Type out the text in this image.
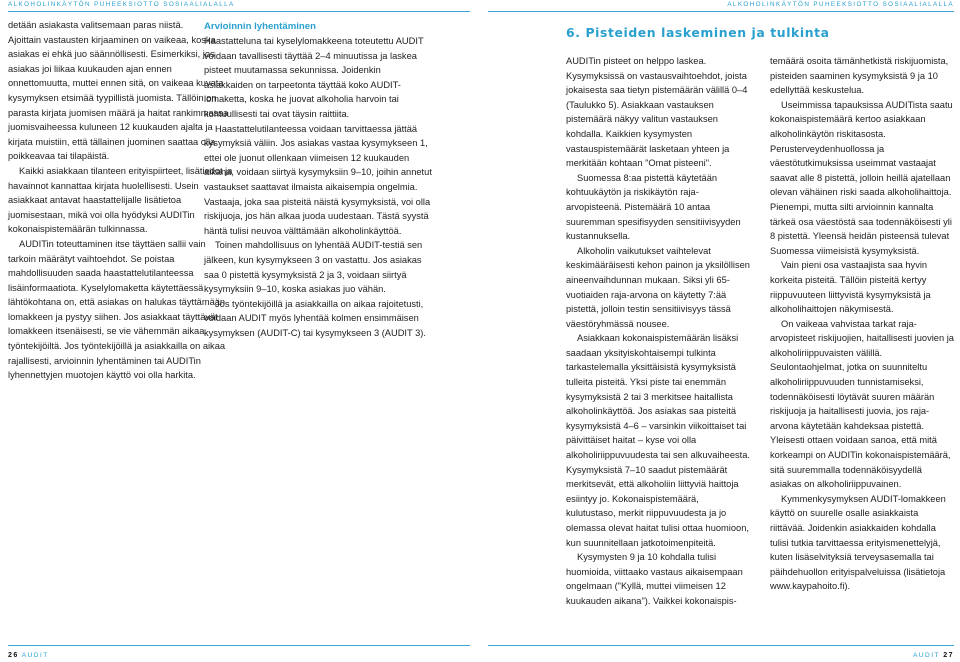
ALKOHOLINKÄYTÖN PUHEEKSIOTTO SOSIAALIALALLA

detään asiakasta valitsemaan paras niistä.

Ajoittain vastausten kirjaaminen on vaikeaa, koska asiakas ei ehkä juo säännöllisesti. Esimerkiksi, jos asiakas joi liikaa kuukauden ajan ennen onnettomuutta, muttei ennen sitä, on vaikeaa kuvata kysymyksen etsimää tyypillistä juomista. Tällöin on parasta kirjata juomisen määrä ja haitat rankimmassa juomisvaiheessa kuluneen 12 kuukauden ajalta ja kirjata muistiin, että tällainen juominen saattaa olla poikkeavaa tai tilapäistä.

Kaikki asiakkaan tilanteen erityispiirteet, lisätiedot ja havainnot kannattaa kirjata huolellisesti. Usein asiakkaat antavat haastattelijalle lisätietoa juomisestaan, mikä voi olla hyödyksi AUDITin kokonaispistemäärän tulkinnassa.

AUDITin toteuttaminen itse täyttäen sallii vain tarkoin määrätyt vaihtoehdot. Se poistaa mahdollisuuden saada haastattelutilanteessa lisäinformaatiota. Kyselylomaketta käytettäessä lähtökohtana on, että asiakas on halukas täyttämään lomakkeen ja pystyy siihen. Jos asiakkaat täyttävät lomakkeen itsenäisesti, se vie vähemmän aikaa työntekijöiltä. Jos työntekijöillä ja asiakkailla on aikaa rajallisesti, arvioinnin lyhentäminen tai AUDITin lyhennettyjen muotojen käyttö voi olla harkita.

26 AUDIT
ALKOHOLINKÄYTÖN PUHEEKSIOTTO SOSIAALIALALLA
6. Pisteiden laskeminen ja tulkinta

AUDITin pisteet on helppo laskea. Kysymyksissä on vastausvaihtoehdot, joista jokaisesta saa tietyn pistemäärän välillä 0–4 (Taulukko 5). Asiakkaan vastauksen pistemäärä näkyy valitun vastauksen kohdalla. Kaikkien kysymysten vastauspistemäärät lasketaan yhteen ja merkitään kohtaan "Omat pisteeni".

Suomessa 8:aa pistettä käytetään kohtuukäytön ja riskikäytön raja-arvopisteenä. Pistemäärä 10 antaa suuremman spesifisyyden sensitiivisyyden kustannuksella.

Alkoholin vaikutukset vaihtelevat keskimääräisesti kehon painon ja yksilöllisen aineenvaihdunnan mukaan. Siksi yli 65-vuotiaiden raja-arvona on käytetty 7:ää pistettä, jolloin testin sensitiivisyys tässä väestöryhmässä nousee.

Asiakkaan kokonaispistemäärän lisäksi saadaan yksityiskohtaisempi tulkinta tarkastelemalla yksittäisistä kysymyksistä tulleita pisteitä. Yksi piste tai enemmän kysymyksistä 2 tai 3 merkitsee haitallista alkoholinkäyttöä. Jos asiakas saa pisteitä kysymyksistä 4–6 – varsinkin viikoittaiset tai päivittäiset haitat – kyse voi olla alkoholiriippuvuudesta tai sen alkuvaiheesta. Kysymyksistä 7–10 saadut pistemäärät merkitsevät, että alkoholiin liittyviä haittoja esiintyy jo. Kokonaispistemäärä, kulutustaso, merkit riippuvuudesta ja jo olemassa olevat haitat tulisi ottaa huomioon, kun suunnitellaan jatkotoimenpiteitä.

Kysymysten 9 ja 10 kohdalla tulisi huomioida, viittaako vastaus aikaisempaan ongelmaan ("Kyllä, muttei viimeisen 12 kuukauden aikana"). Vaikkei kokonaispis-

temäärä osoita tämänhetkistä riskijuomista, pisteiden saaminen kysymyksistä 9 ja 10 edellyttää keskustelua.

Useimmissa tapauksissa AUDITista saatu kokonaispistemäärä kertoo asiakkaan alkoholinkäytön riskitasosta. Perusterveydenhuollossa ja väestötutkimuksissa useimmat vastaajat saavat alle 8 pistettä, jolloin heillä ajatellaan olevan vähäinen riski saada alkoholihaittoja. Pienempi, mutta silti arvioinnin kannalta tärkeä osa väestöstä saa todennäköisesti yli 8 pistettä. Yleensä heidän pisteensä tulevat Suomessa viimeisistä kysymyksistä.

Vain pieni osa vastaajista saa hyvin korkeita pisteitä. Tällöin pisteitä kertyy riippuvuuteen liittyvistä kysymyksistä ja alkoholihaittojen näkymisestä.

On vaikeaa vahvistaa tarkat raja-arvopisteet riskijuojien, haitallisesti juovien ja alkoholiriippuvaisten välillä. Seulontaohjelmat, jotka on suunniteltu alkoholiriippuvuuden tunnistamiseksi, todennäköisesti löytävät suuren määrän riskijuoja ja haitallisesti juovia, jos raja-arvona käytetään kahdeksaa pistettä. Yleisesti ottaen voidaan sanoa, että mitä korkeampi on AUDITin kokonaispistemäärä, sitä suuremmalla todennäköisyydellä asiakas on alkoholiriippuvainen.

Kymmenkysymyksen AUDIT-lomakkeen käyttö on suurelle osalle asiakkaista riittävää. Joidenkin asiakkaiden kohdalla tulisi tutkia tarvittaessa erityismenettelyjä, kuten lisäselvityksiä terveysasemalla tai päihdehuollon erityispalveluissa (lisätietoja www.kaypahoito.fi).

AUDIT 27
Arvioinnin lyhentäminen

Haastatteluna tai kyselylomakkeena toteutettu AUDIT voidaan tavallisesti täyttää 2–4 minuutissa ja laskea pisteet muutamassa sekunnissa. Joidenkin asiakkaiden on tarpeetonta täyttää koko AUDIT-lomaketta, koska he juovat alkoholia harvoin tai kohtuullisesti tai ovat täysin raittiita.

Haastattelutilanteessa voidaan tarvittaessa jättää kysymyksiä väliin. Jos asiakas vastaa kysymykseen 1, ettei ole juonut ollenkaan viimeisen 12 kuukauden aikana, voidaan siirtyä kysymyksiin 9–10, joihin annetut vastaukset saattavat ilmaista aikaisempia ongelmia. Vastaaja, joka saa pisteitä näistä kysymyksistä, voi olla riskijuoja, jos hän alkaa juoda uudestaan. Tästä syystä häntä tulisi neuvoa välttämään alkoholinkäyttöä.

Toinen mahdollisuus on lyhentää AUDIT-testiä sen jälkeen, kun kysymykseen 3 on vastattu. Jos asiakas saa 0 pistettä kysymyksistä 2 ja 3, voidaan siirtyä kysymyksiin 9–10, koska asiakas juo vähän.

Jos työntekijöillä ja asiakkailla on aikaa rajoitetusti, voidaan AUDIT myös lyhentää kolmen ensimmäisen kysymyksen (AUDIT-C) tai kysymykseen 3 (AUDIT 3).
